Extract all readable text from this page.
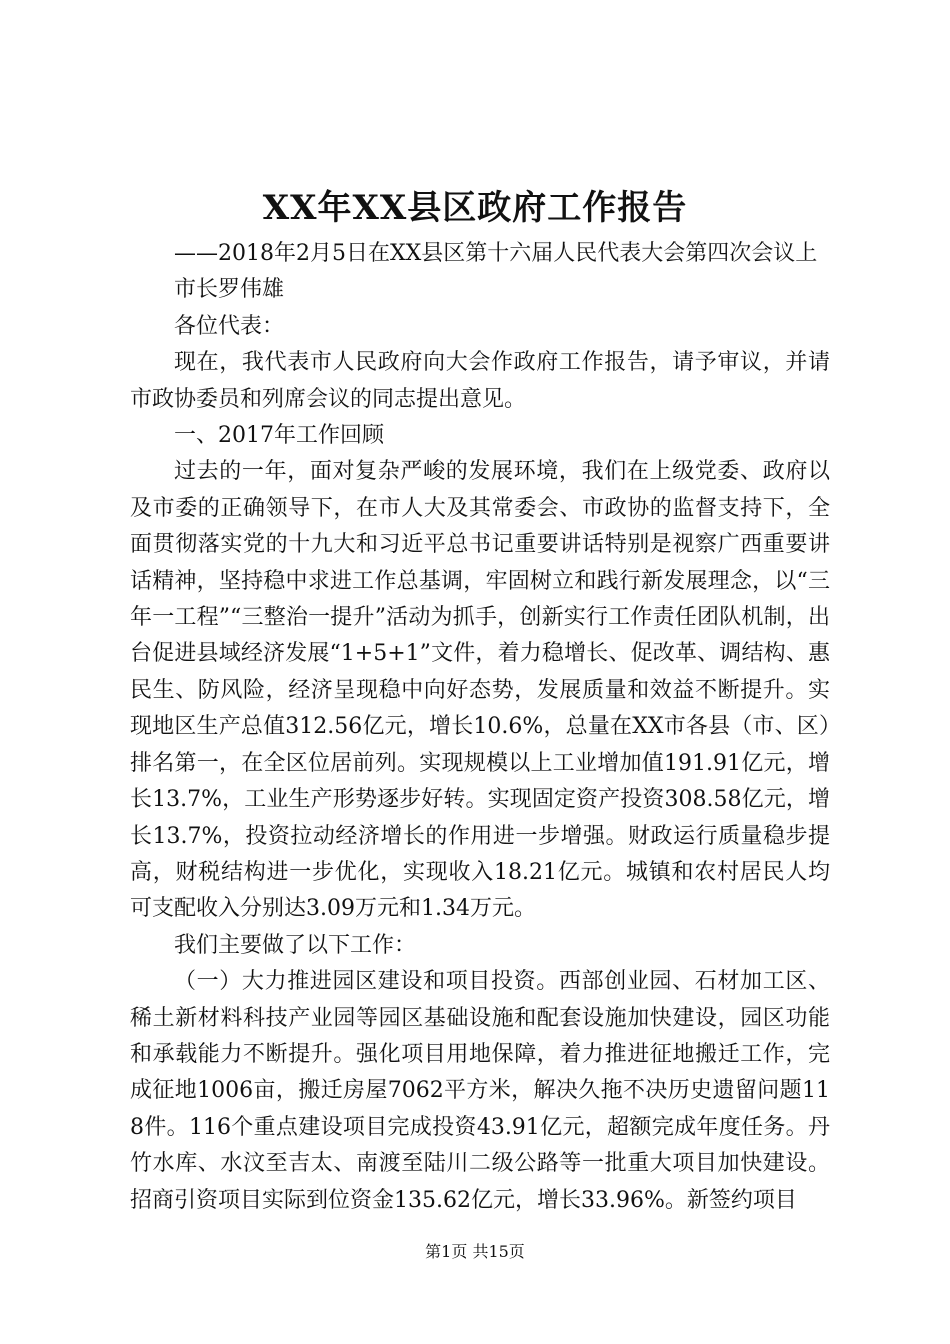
XX年XX县区政府工作报告

——2018年2月5日在XX县区第十六届人民代表大会第四次会议上

市长罗伟雄

各位代表：

现在，我代表市人民政府向大会作政府工作报告，请予审议，并请市政协委员和列席会议的同志提出意见。

一、2017年工作回顾

过去的一年，面对复杂严峻的发展环境，我们在上级党委、政府以及市委的正确领导下，在市人大及其常委会、市政协的监督支持下，全面贯彻落实党的十九大和习近平总书记重要讲话特别是视察广西重要讲话精神，坚持稳中求进工作总基调，牢固树立和践行新发展理念，以“三年一工程”“三整治一提升”活动为抓手，创新实行工作责任团队机制，出台促进县域经济发展“1+5+1”文件，着力稳增长、促改革、调结构、惠民生、防风险，经济呈现稳中向好态势，发展质量和效益不断提升。实现地区生产总值312.56亿元，增长10.6%，总量在XX市各县（市、区）排名第一，在全区位居前列。实现规模以上工业增加值191.91亿元，增长13.7%，工业生产形势逐步好转。实现固定资产投资308.58亿元，增长13.7%，投资拉动经济增长的作用进一步增强。财政运行质量稳步提高，财税结构进一步优化，实现收入18.21亿元。城镇和农村居民人均可支配收入分别达3.09万元和1.34万元。

我们主要做了以下工作：

（一）大力推进园区建设和项目投资。西部创业园、石材加工区、稀土新材料科技产业园等园区基础设施和配套设施加快建设，园区功能和承载能力不断提升。强化项目用地保障，着力推进征地搬迁工作，完成征地1006亩，搬迁房屋7062平方米，解决久拖不决历史遗留问题118件。116个重点建设项目完成投资43.91亿元，超额完成年度任务。丹竹水库、水汶至吉太、南渡至陆川二级公路等一批重大项目加快建设。招商引资项目实际到位资金135.62亿元，增长33.96%。新签约项目

第1页 共15页
